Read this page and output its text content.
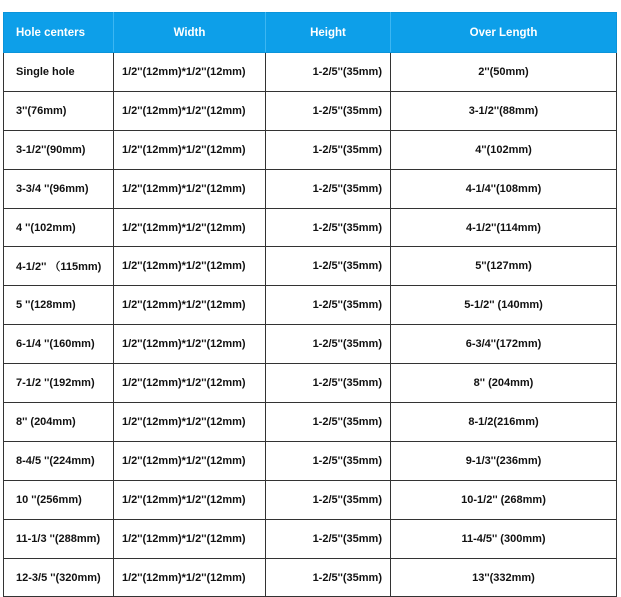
Hole centers	Width	Height	Over Length
Single hole	1/2''(12mm)*1/2''(12mm)	1-2/5''(35mm)	2''(50mm)
3''(76mm)	1/2''(12mm)*1/2''(12mm)	1-2/5''(35mm)	3-1/2''(88mm)
3-1/2''(90mm)	1/2''(12mm)*1/2''(12mm)	1-2/5''(35mm)	4''(102mm)
3-3/4 ''(96mm)	1/2''(12mm)*1/2''(12mm)	1-2/5''(35mm)	4-1/4''(108mm)
4 ''(102mm)	1/2''(12mm)*1/2''(12mm)	1-2/5''(35mm)	4-1/2''(114mm)
4-1/2'' （115mm)	1/2''(12mm)*1/2''(12mm)	1-2/5''(35mm)	5''(127mm)
5 ''(128mm)	1/2''(12mm)*1/2''(12mm)	1-2/5''(35mm)	5-1/2'' (140mm)
6-1/4 ''(160mm)	1/2''(12mm)*1/2''(12mm)	1-2/5''(35mm)	6-3/4''(172mm)
7-1/2 ''(192mm)	1/2''(12mm)*1/2''(12mm)	1-2/5''(35mm)	8'' (204mm)
8'' (204mm)	1/2''(12mm)*1/2''(12mm)	1-2/5''(35mm)	8-1/2(216mm)
8-4/5 ''(224mm)	1/2''(12mm)*1/2''(12mm)	1-2/5''(35mm)	9-1/3''(236mm)
10 ''(256mm)	1/2''(12mm)*1/2''(12mm)	1-2/5''(35mm)	10-1/2'' (268mm)
11-1/3 ''(288mm)	1/2''(12mm)*1/2''(12mm)	1-2/5''(35mm)	11-4/5'' (300mm)
12-3/5 ''(320mm)	1/2''(12mm)*1/2''(12mm)	1-2/5''(35mm)	13''(332mm)
